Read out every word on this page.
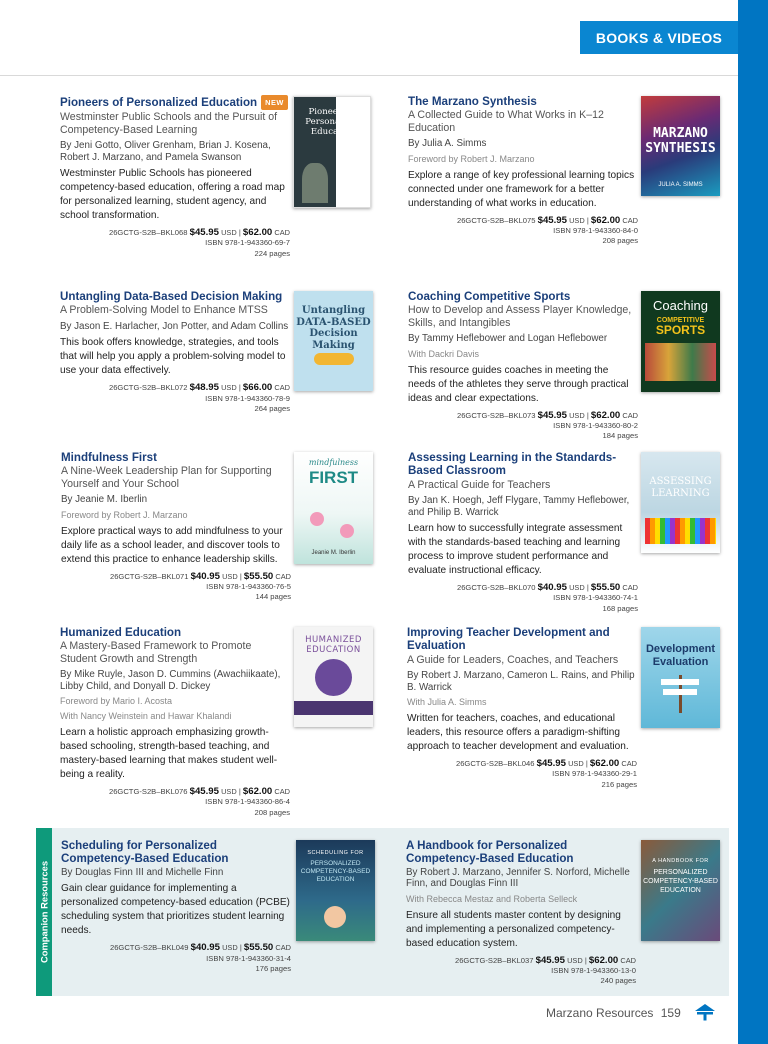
BOOKS & VIDEOS
Companion Resources
Pioneers of Personalized Education NEW
Westminster Public Schools and the Pursuit of Competency-Based Learning
By Jeni Gotto, Oliver Grenham, Brian J. Kosena, Robert J. Marzano, and Pamela Swanson
Westminster Public Schools has pioneered competency-based education, offering a road map for personalized learning, student agency, and school transformation.
26GCTG-S2B–BKL068 $45.95 USD | $62.00 CAD
ISBN 978-1-943360-69-7
224 pages
Pioneers of
Personalized
Education
The Marzano Synthesis
A Collected Guide to What Works in K–12 Education
By Julia A. Simms
Foreword by Robert J. Marzano
Explore a range of key professional learning topics connected under one framework for a better understanding of what works in education.
26GCTG-S2B–BKL075 $45.95 USD | $62.00 CAD
ISBN 978-1-943360-84-0
208 pages
MARZANO
SYNTHESIS
JULIA A. SIMMS
Untangling Data-Based Decision Making
A Problem-Solving Model to Enhance MTSS
By Jason E. Harlacher, Jon Potter, and Adam Collins
This book offers knowledge, strategies, and tools that will help you apply a problem-solving model to use your data effectively.
26GCTG-S2B–BKL072 $48.95 USD | $66.00 CAD
ISBN 978-1-943360-78-9
264 pages
Untangling
DATA-BASED
Decision Making
Coaching Competitive Sports
How to Develop and Assess Player Knowledge, Skills, and Intangibles
By Tammy Heflebower and Logan Heflebower
With Dackri Davis
This resource guides coaches in meeting the needs of the athletes they serve through practical ideas and clear expectations.
26GCTG-S2B–BKL073 $45.95 USD | $62.00 CAD
ISBN 978-1-943360-80-2
184 pages
Coaching
COMPETITIVE
SPORTS
Mindfulness First
A Nine-Week Leadership Plan for Supporting Yourself and Your School
By Jeanie M. Iberlin
Foreword by Robert J. Marzano
Explore practical ways to add mindfulness to your daily life as a school leader, and discover tools to extend this practice to enhance leadership skills.
26GCTG-S2B–BKL071 $40.95 USD | $55.50 CAD
ISBN 978-1-943360-76-5
144 pages
mindfulness
FIRST
Jeanie M. Iberlin
Assessing Learning in the Standards-Based Classroom
A Practical Guide for Teachers
By Jan K. Hoegh, Jeff Flygare, Tammy Heflebower, and Philip B. Warrick
Learn how to successfully integrate assessment with the standards-based teaching and learning process to improve student performance and evaluate instructional efficacy.
26GCTG-S2B–BKL070 $40.95 USD | $55.50 CAD
ISBN 978-1-943360-74-1
168 pages
ASSESSING
LEARNING
Humanized Education
A Mastery-Based Framework to Promote Student Growth and Strength
By Mike Ruyle, Jason D. Cummins (Awachiikaate), Libby Child, and Donyall D. Dickey
Foreword by Mario I. Acosta
With Nancy Weinstein and Hawar Khalandi
Learn a holistic approach emphasizing growth-based schooling, strength-based teaching, and mastery-based learning that makes student well-being a reality.
26GCTG-S2B–BKL076 $45.95 USD | $62.00 CAD
ISBN 978-1-943360-86-4
208 pages
HUMANIZED
EDUCATION
Improving Teacher Development and Evaluation
A Guide for Leaders, Coaches, and Teachers
By Robert J. Marzano, Cameron L. Rains, and Philip B. Warrick
With Julia A. Simms
Written for teachers, coaches, and educational leaders, this resource offers a paradigm-shifting approach to teacher development and evaluation.
26GCTG-S2B–BKL046 $45.95 USD | $62.00 CAD
ISBN 978-1-943360-29-1
216 pages
Development
Evaluation
Scheduling for Personalized Competency-Based Education
By Douglas Finn III and Michelle Finn
Gain clear guidance for implementing a personalized competency-based education (PCBE) scheduling system that prioritizes student learning needs.
26GCTG-S2B–BKL049 $40.95 USD | $55.50 CAD
ISBN 978-1-943360-31-4
176 pages
SCHEDULING FOR
PERSONALIZED
COMPETENCY-BASED
EDUCATION
A Handbook for Personalized Competency-Based Education
By Robert J. Marzano, Jennifer S. Norford, Michelle Finn, and Douglas Finn III
With Rebecca Mestaz and Roberta Selleck
Ensure all students master content by designing and implementing a personalized competency-based education system.
26GCTG-S2B–BKL037 $45.95 USD | $62.00 CAD
ISBN 978-1-943360-13-0
240 pages
A HANDBOOK FOR
PERSONALIZED
COMPETENCY-BASED
EDUCATION
Marzano Resources 159
